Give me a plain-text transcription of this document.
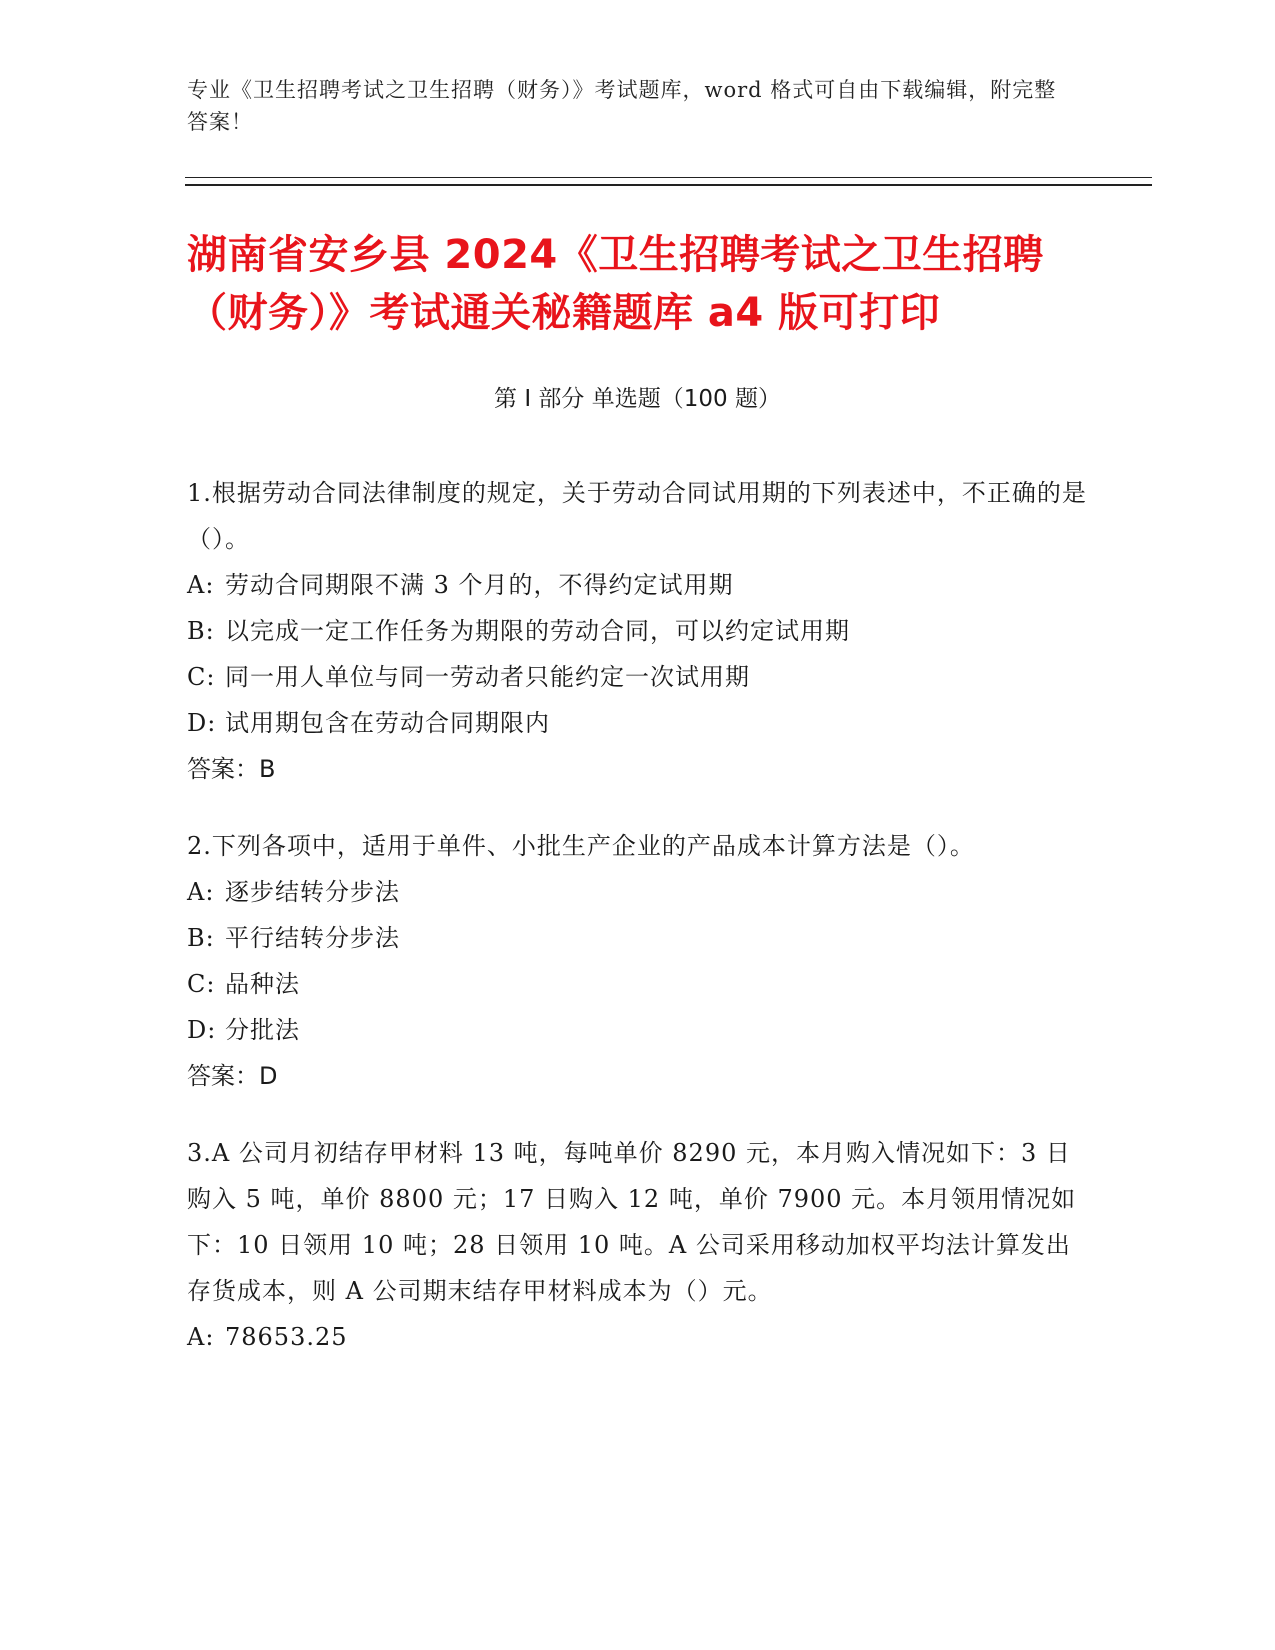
专业《卫生招聘考试之卫生招聘（财务）》考试题库，word 格式可自由下载编辑，附完整答案！
湖南省安乡县 2024《卫生招聘考试之卫生招聘（财务）》考试通关秘籍题库 a4 版可打印
第 I 部分 单选题（100 题）
1.根据劳动合同法律制度的规定，关于劳动合同试用期的下列表述中，不正确的是（）。
A: 劳动合同期限不满 3 个月的，不得约定试用期
B: 以完成一定工作任务为期限的劳动合同，可以约定试用期
C: 同一用人单位与同一劳动者只能约定一次试用期
D: 试用期包含在劳动合同期限内
答案：B
2.下列各项中，适用于单件、小批生产企业的产品成本计算方法是（）。
A: 逐步结转分步法
B: 平行结转分步法
C: 品种法
D: 分批法
答案：D
3.A 公司月初结存甲材料 13 吨，每吨单价 8290 元，本月购入情况如下：3 日购入 5 吨，单价 8800 元；17 日购入 12 吨，单价 7900 元。本月领用情况如下：10 日领用 10 吨；28 日领用 10 吨。A 公司采用移动加权平均法计算发出存货成本，则 A 公司期末结存甲材料成本为（）元。
A: 78653.25
